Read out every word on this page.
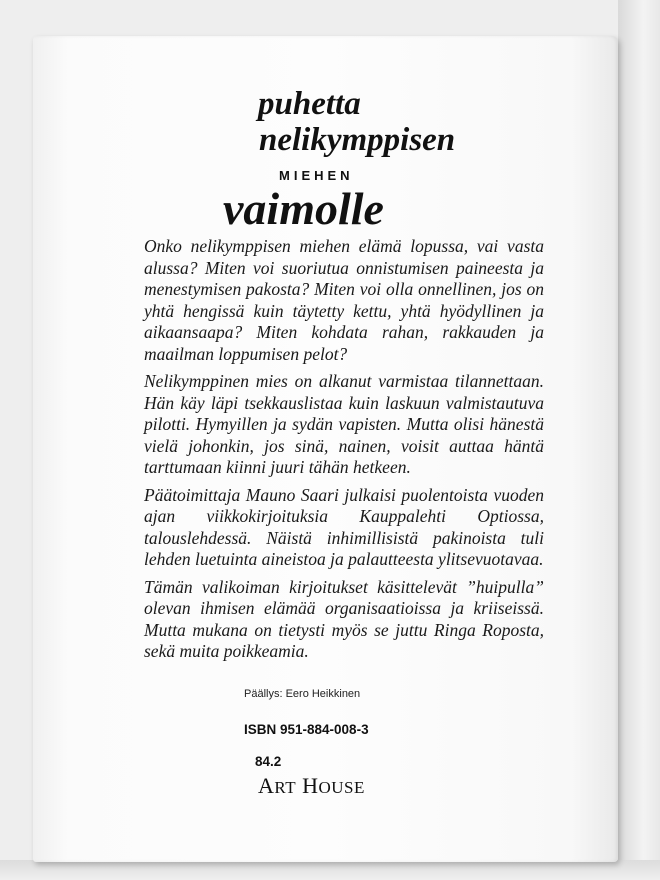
puhetta
nelikymppisen
MIEHEN
vaimolle

Onko nelikymppisen miehen elämä lopussa, vai vasta alussa? Miten voi suoriutua onnistumisen paineesta ja menestymisen pakosta? Miten voi olla onnellinen, jos on yhtä hengissä kuin täytetty kettu, yhtä hyödyllinen ja aikaansaapa? Miten kohdata rahan, rakkauden ja maailman loppumisen pelot?

Nelikymppinen mies on alkanut varmistaa tilannettaan. Hän käy läpi tsekkauslistaa kuin laskuun valmistautuva pilotti. Hymyillen ja sydän vapisten. Mutta olisi hänestä vielä johonkin, jos sinä, nainen, voisit auttaa häntä tarttumaan kiinni juuri tähän hetkeen.

Päätoimittaja Mauno Saari julkaisi puolentoista vuoden ajan viikkokirjoituksia Kauppalehti Optiossa, talouslehdessä. Näistä inhimillisistä pakinoista tuli lehden luetuinta aineistoa ja palautteesta ylitsevuotavaa.

Tämän valikoiman kirjoitukset käsittelevät ”huipulla” olevan ihmisen elämää organisaatioissa ja kriiseissä. Mutta mukana on tietysti myös se juttu Ringa Roposta, sekä muita poikkeamia.

Päällys: Eero Heikkinen
ISBN 951-884-008-3
84.2
ART HOUSE
